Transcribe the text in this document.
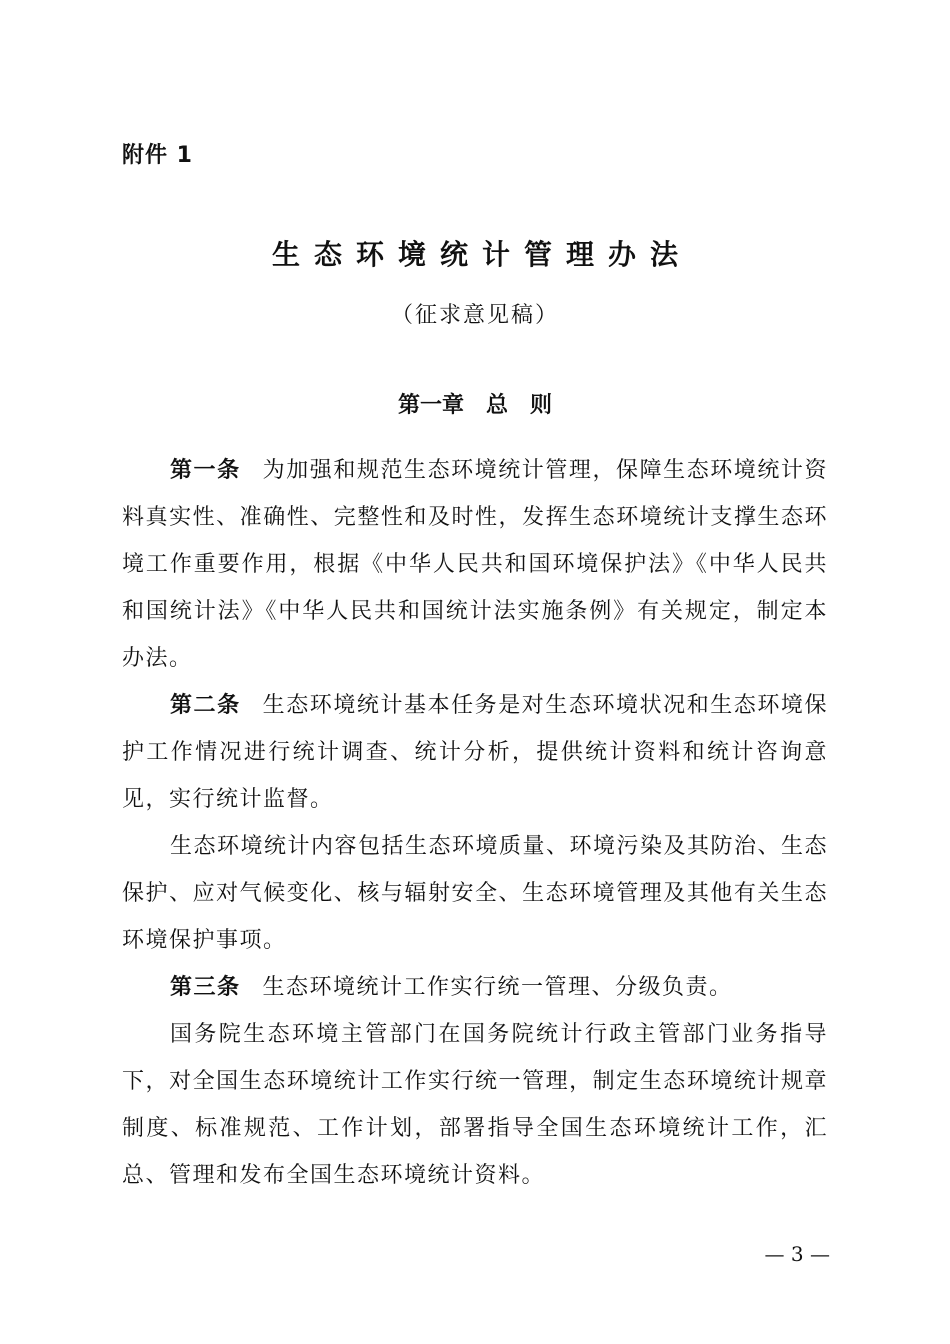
附件 1
生态环境统计管理办法
（征求意见稿）
第一章　总　则

第一条 为加强和规范生态环境统计管理，保障生态环境统计资料真实性、准确性、完整性和及时性，发挥生态环境统计支撑生态环境工作重要作用，根据《中华人民共和国环境保护法》《中华人民共和国统计法》《中华人民共和国统计法实施条例》有关规定，制定本办法。

第二条 生态环境统计基本任务是对生态环境状况和生态环境保护工作情况进行统计调查、统计分析，提供统计资料和统计咨询意见，实行统计监督。

生态环境统计内容包括生态环境质量、环境污染及其防治、生态保护、应对气候变化、核与辐射安全、生态环境管理及其他有关生态环境保护事项。

第三条 生态环境统计工作实行统一管理、分级负责。

国务院生态环境主管部门在国务院统计行政主管部门业务指导下，对全国生态环境统计工作实行统一管理，制定生态环境统计规章制度、标准规范、工作计划，部署指导全国生态环境统计工作，汇总、管理和发布全国生态环境统计资料。

— 3 —
